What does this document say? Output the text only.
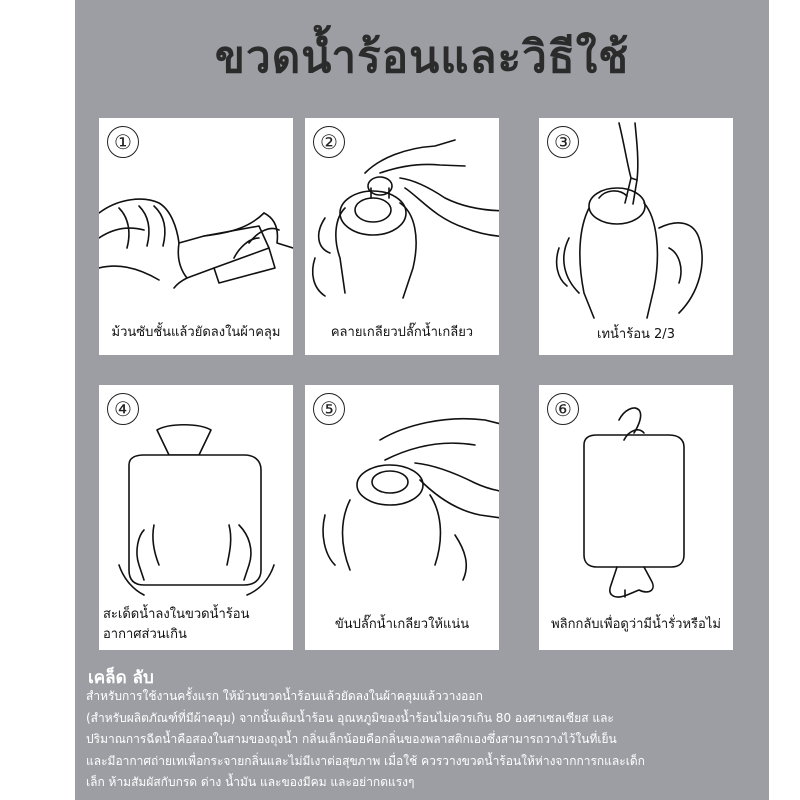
ขวดน้ำร้อนและวิธีใช้
①
ม้วนซับชั้นแล้วยัดลงในผ้าคลุม
②
คลายเกลียวปลั๊กน้ำเกลียว
③
เทน้ำร้อน 2/3
④
สะเด็ดน้ำลงในขวดน้ำร้อน
อากาศส่วนเกิน
⑤
ขันปลั๊กน้ำเกลียวให้แน่น
⑥
พลิกกลับเพื่อดูว่ามีน้ำรั่วหรือไม่
เคล็ด ลับ
สำหรับการใช้งานครั้งแรก ให้ม้วนขวดน้ำร้อนแล้วยัดลงในผ้าคลุมแล้ววางออก
(สำหรับผลิตภัณฑ์ที่มีผ้าคลุม) จากนั้นเติมน้ำร้อน อุณหภูมิของน้ำร้อนไม่ควรเกิน 80 องศาเซลเซียส และ
ปริมาณการฉีดน้ำคือสองในสามของถุงน้ำ กลิ่นเล็กน้อยคือกลิ่นของพลาสติกเองซึ่งสามารถวางไว้ในที่เย็น
และมีอากาศถ่ายเทเพื่อกระจายกลิ่นและไม่มีเงาต่อสุขภาพ เมื่อใช้ ควรวางขวดน้ำร้อนให้ห่างจากการกและเด็ก
เล็ก ห้ามสัมผัสกับกรด ด่าง น้ำมัน และของมีคม และอย่ากดแรงๆ
